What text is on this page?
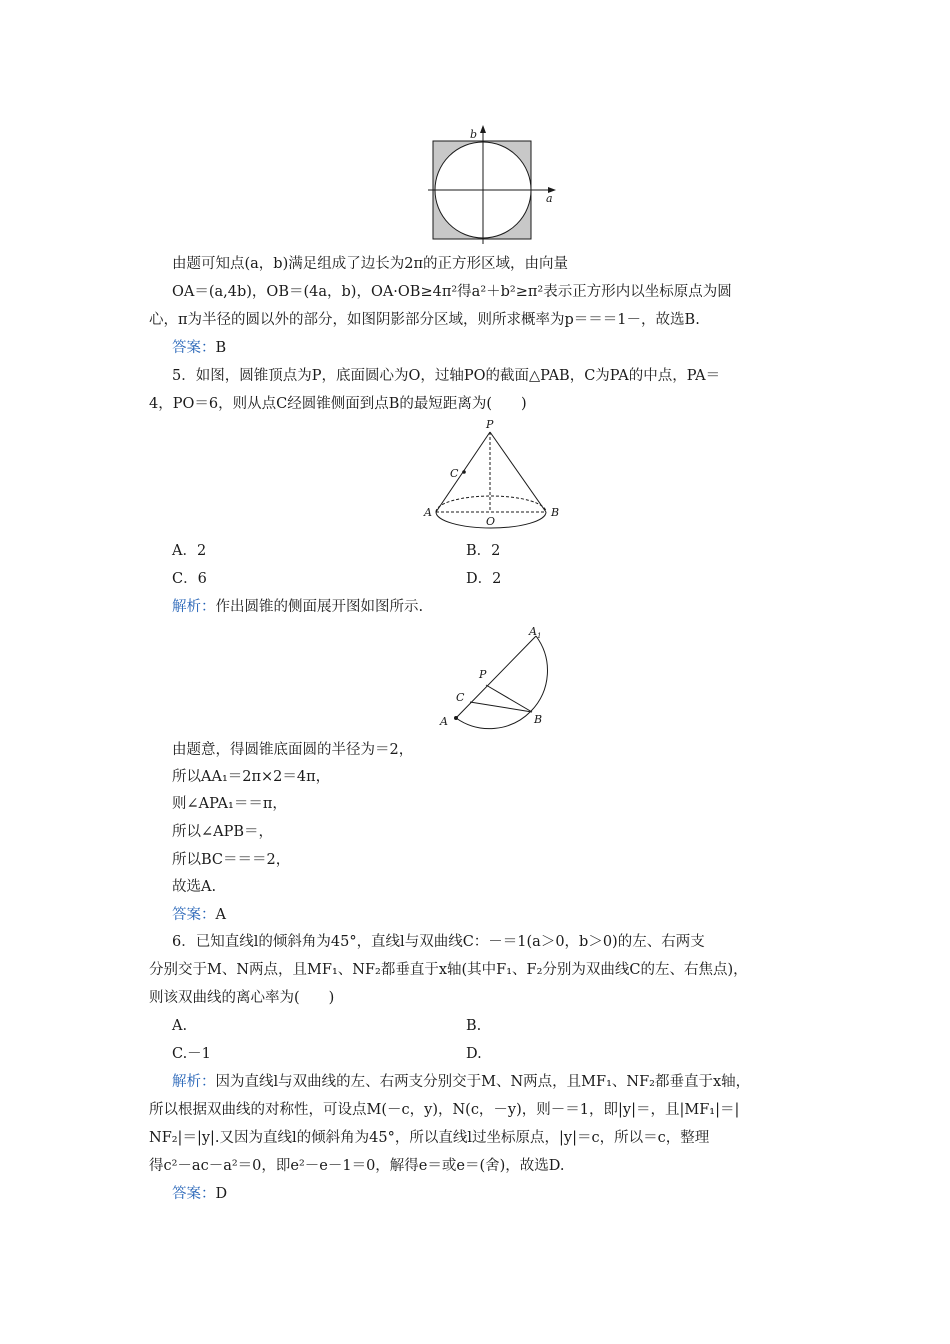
b
a
由题可知点(a，b)满足组成了边长为2π的正方形区域，由向量
OA＝(a,4b)，OB＝(4a，b)，OA·OB≥4π²得a²＋b²≥π²表示正方形内以坐标原点为圆
心，π为半径的圆以外的部分，如图阴影部分区域，则所求概率为p＝＝＝1－，故选B.
答案：B
5．如图，圆锥顶点为P，底面圆心为O，过轴PO的截面△PAB，C为PA的中点，PA＝
4，PO＝6，则从点C经圆锥侧面到点B的最短距离为(　　)
P
C
A
O
B
A．2	B．2
C．6	D．2
解析：作出圆锥的侧面展开图如图所示.
$A_1$
P
C
A	B
由题意，得圆锥底面圆的半径为＝2，
所以AA₁＝2π×2＝4π，
则∠APA₁＝＝π，
所以∠APB＝，
所以BC＝＝＝2，
故选A.
答案：A
6．已知直线l的倾斜角为45°，直线l与双曲线C：－＝1(a＞0，b＞0)的左、右两支
分别交于M、N两点，且MF₁、NF₂都垂直于x轴(其中F₁、F₂分别为双曲线C的左、右焦点)，
则该双曲线的离心率为(　　)
A.	B.
C.－1	D.
解析：因为直线l与双曲线的左、右两支分别交于M、N两点，且MF₁、NF₂都垂直于x轴，
所以根据双曲线的对称性，可设点M(－c，y)，N(c，－y)，则－＝1，即|y|＝，且|MF₁|＝|
NF₂|＝|y|.又因为直线l的倾斜角为45°，所以直线l过坐标原点，|y|＝c，所以＝c，整理
得c²－ac－a²＝0，即e²－e－1＝0，解得e＝或e＝(舍)，故选D.
答案：D
